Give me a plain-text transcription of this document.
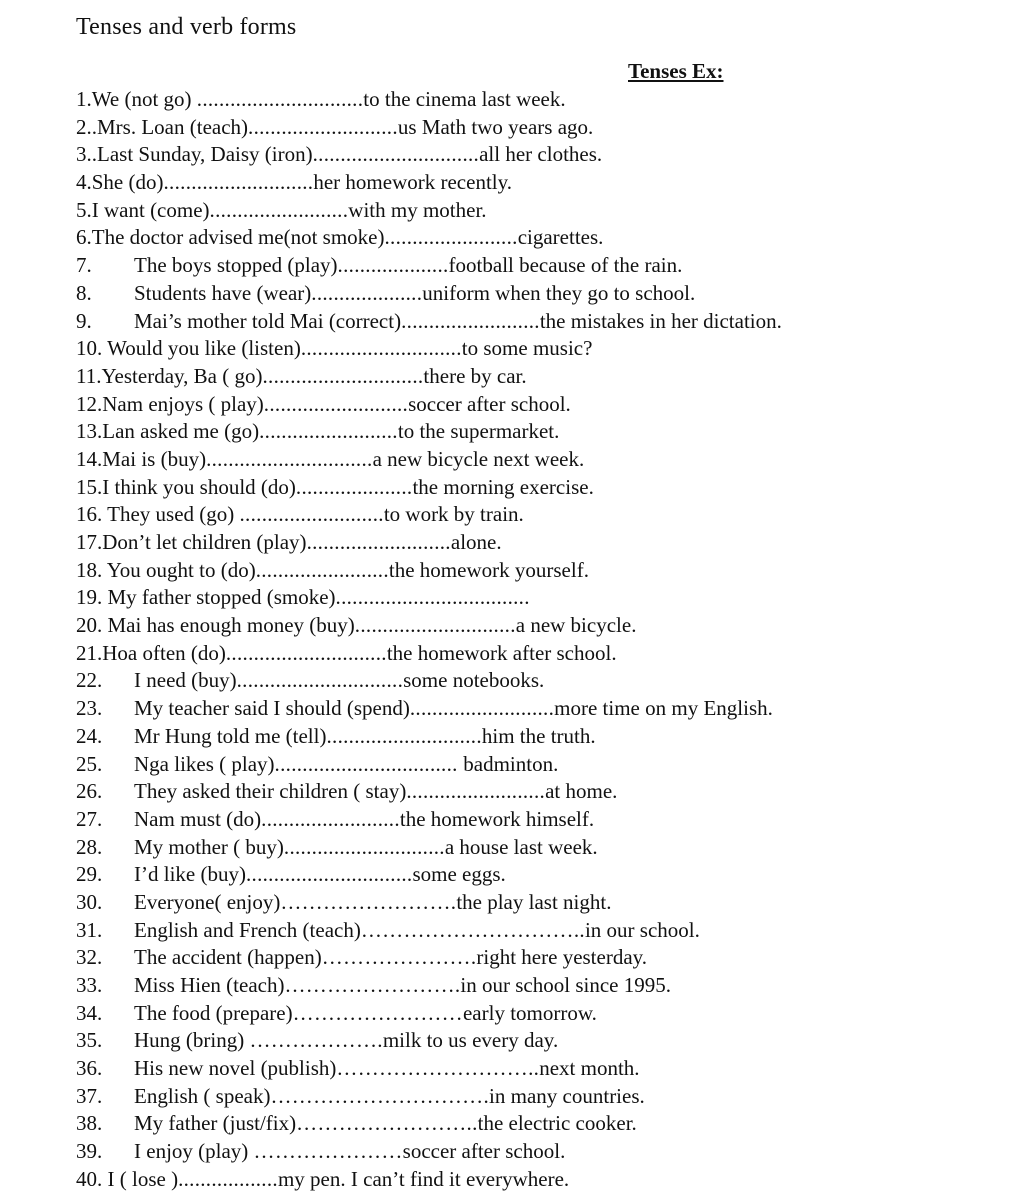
Tenses and verb forms
Tenses Ex:
1.We (not go) ..............................to the cinema last week.
2..Mrs. Loan (teach)...........................us Math two years ago.
3..Last Sunday, Daisy (iron)..............................all her clothes.
4.She (do)...........................her homework recently.
5.I want (come).........................with my mother.
6.The doctor advised me(not smoke)........................cigarettes.
7. The boys stopped (play)....................football because of the rain.
8. Students have (wear)....................uniform when they go to school.
9. Mai’s mother told Mai (correct).........................the mistakes in her dictation.
10. Would you like (listen).............................to some music?
11.Yesterday, Ba ( go).............................there by car.
12.Nam enjoys ( play)..........................soccer after school.
13.Lan asked me (go).........................to the supermarket.
14.Mai is (buy)..............................a new bicycle next week.
15.I think you should (do).....................the morning exercise.
16. They used (go) ..........................to work by train.
17.Don’t let children (play)..........................alone.
18. You ought to (do)........................the homework yourself.
19. My father stopped (smoke)...................................
20. Mai has enough money (buy).............................a new bicycle.
21.Hoa often (do).............................the homework after school.
22. I need (buy)..............................some notebooks.
23. My teacher said I should (spend)..........................more time on my English.
24. Mr Hung told me (tell)............................him the truth.
25. Nga likes ( play)................................. badminton.
26. They asked their children ( stay).........................at home.
27. Nam must (do).........................the homework himself.
28. My mother ( buy).............................a house last week.
29. I’d like (buy)..............................some eggs.
30. Everyone( enjoy)…………………….the play last night.
31. English and French (teach)…………………………..in our school.
32. The accident (happen)………………….right here yesterday.
33. Miss Hien (teach)…………………….in our school since 1995.
34. The food (prepare)……………………early tomorrow.
35. Hung (bring) ……………….milk to us every day.
36. His new novel (publish)………………………..next month.
37. English ( speak)………………………….in many countries.
38. My father (just/fix)……………………..the electric cooker.
39. I enjoy (play) …………………soccer after school.
40. I ( lose )..................my pen. I can’t find it everywhere.
